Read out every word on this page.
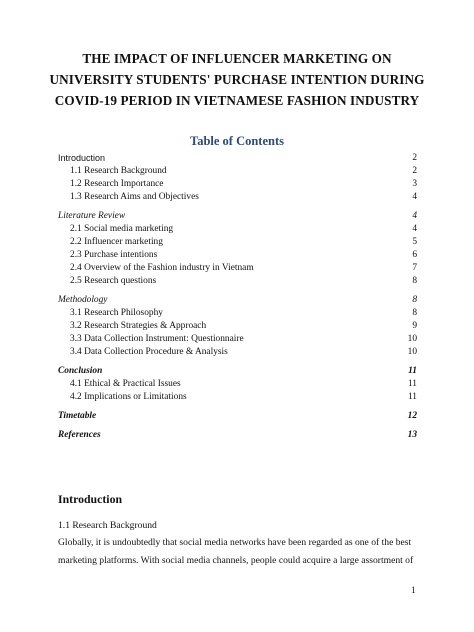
THE IMPACT OF INFLUENCER MARKETING ON
UNIVERSITY STUDENTS' PURCHASE INTENTION DURING
COVID-19 PERIOD IN VIETNAMESE FASHION INDUSTRY
Table of Contents
Introduction	2
1.1 Research Background	2
1.2 Research Importance	3
1.3 Research Aims and Objectives	4
Literature Review	4
2.1 Social media marketing	4
2.2 Influencer marketing	5
2.3 Purchase intentions	6
2.4 Overview of the Fashion industry in Vietnam	7
2.5 Research questions	8
Methodology	8
3.1 Research Philosophy	8
3.2 Research Strategies & Approach	9
3.3 Data Collection Instrument: Questionnaire	10
3.4 Data Collection Procedure & Analysis	10
Conclusion	11
4.1 Ethical & Practical Issues	11
4.2 Implications or Limitations	11
Timetable	12
References	13
Introduction
1.1 Research Background
Globally, it is undoubtedly that social media networks have been regarded as one of the best
marketing platforms. With social media channels, people could acquire a large assortment of
1
